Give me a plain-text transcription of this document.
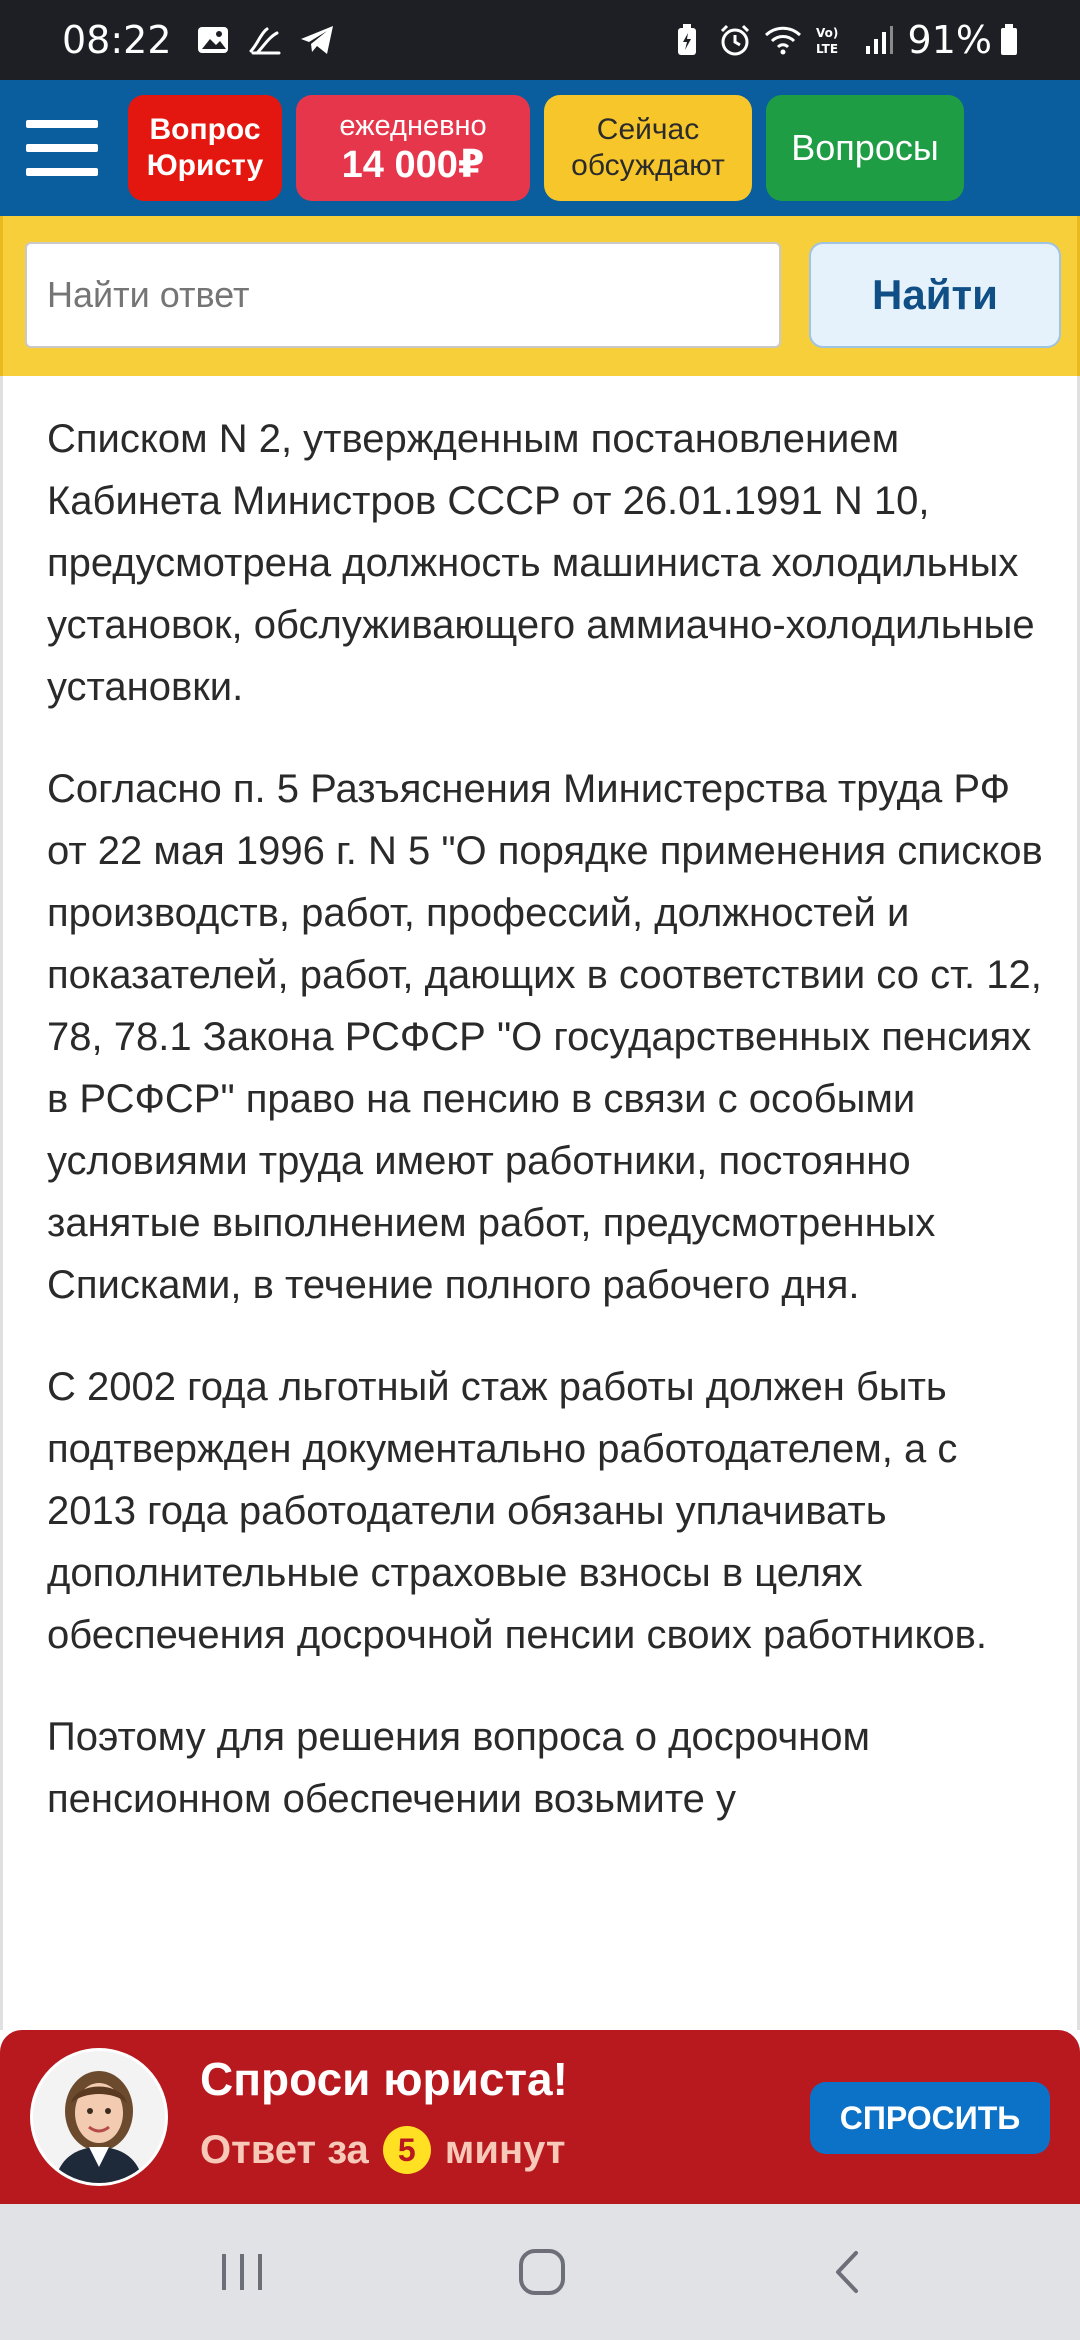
08:22	Vo)
LTE 91%
Вопрос
Юристу
ежедневно
14 000₽
Сейчас
обсуждают Вопросы
Найти ответ
Найти

Списком N 2, утвержденным постановлением Кабинета Министров СССР от 26.01.1991 N 10, предусмотрена должность машиниста холодильных установок, обслуживающего аммиачно-холодильные установки.

Согласно п. 5 Разъяснения Министерства труда РФ от 22 мая 1996 г. N 5 "О порядке применения списков производств, работ, профессий, должностей и показателей, работ, дающих в соответствии со ст. 12, 78, 78.1 Закона РСФСР "О государственных пенсиях в РСФСР" право на пенсию в связи с особыми условиями труда имеют работники, постоянно занятые выполнением работ, предусмотренных Списками, в течение полного рабочего дня.

С 2002 года льготный стаж работы должен быть подтвержден документально работодателем, а с 2013 года работодатели обязаны уплачивать дополнительные страховые взносы в целях обеспечения досрочной пенсии своих работников.

Поэтому для решения вопроса о досрочном пенсионном обеспечении возьмите у

Спроси юриста!
Ответ за 5 минут
СПРОСИТЬ
